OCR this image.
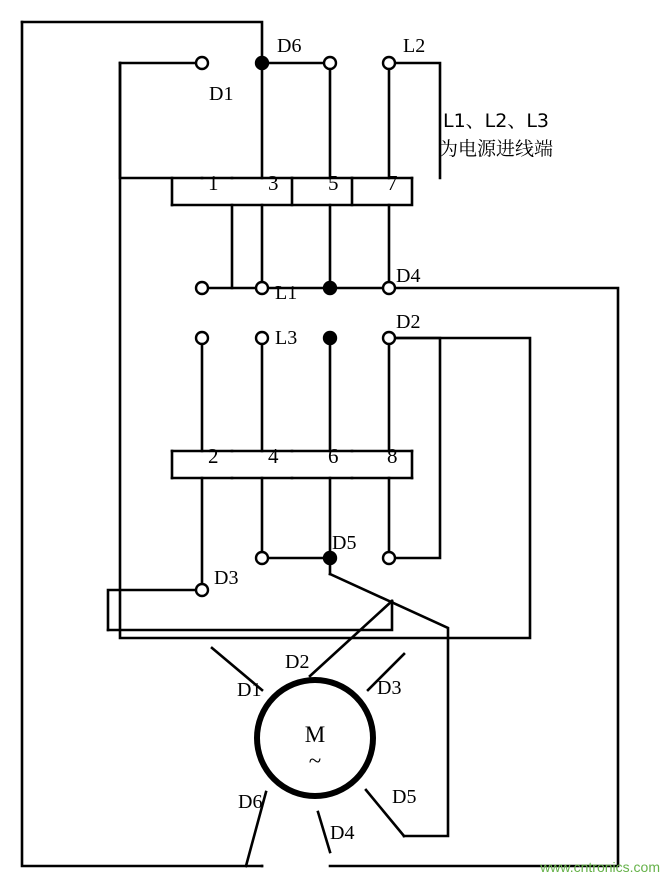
M
~
D1
D6	L2
1 3 5 7
L1
D4
L3
D2
2 4 6 8
D5
D3
D2
D1	D3
D6	D5
D4
L1、L2、L3
为电源进线端
www.cntronics.com
